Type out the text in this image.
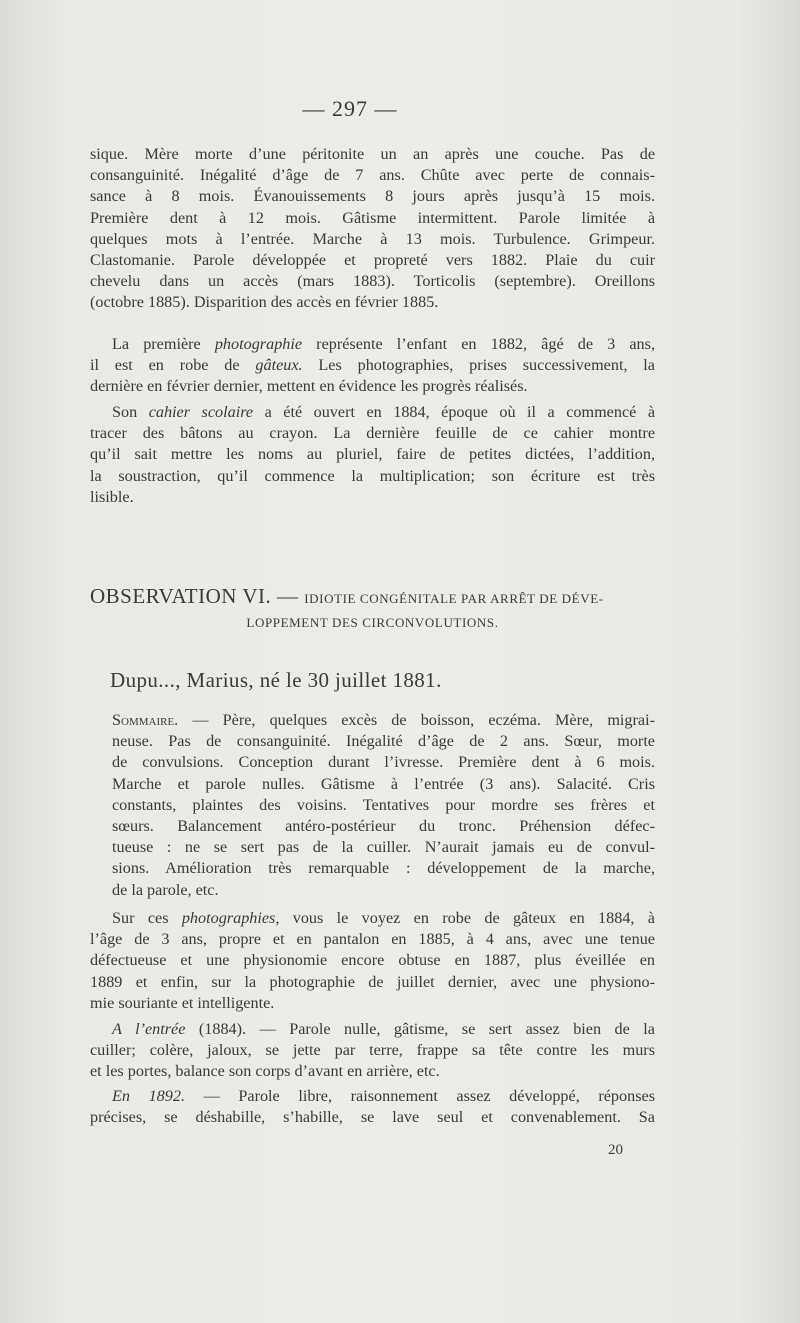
— 297 —
sique. Mère morte d’une péritonite un an après une couche. Pas de
consanguinité. Inégalité d’âge de 7 ans. Chûte avec perte de connais-
sance à 8 mois. Évanouissements 8 jours après jusqu’à 15 mois.
Première dent à 12 mois. Gâtisme intermittent. Parole limitée à
quelques mots à l’entrée. Marche à 13 mois. Turbulence. Grimpeur.
Clastomanie. Parole développée et propreté vers 1882. Plaie du cuir
chevelu dans un accès (mars 1883). Torticolis (septembre). Oreillons
(octobre 1885). Disparition des accès en février 1885.
La première photographie représente l’enfant en 1882, âgé de 3 ans,
il est en robe de gâteux. Les photographies, prises successivement, la
dernière en février dernier, mettent en évidence les progrès réalisés.
Son cahier scolaire a été ouvert en 1884, époque où il a commencé à
tracer des bâtons au crayon. La dernière feuille de ce cahier montre
qu’il sait mettre les noms au pluriel, faire de petites dictées, l’addition,
la soustraction, qu’il commence la multiplication; son écriture est très
lisible.
OBSERVATION VI. — IDIOTIE CONGÉNITALE PAR ARRÊT DE DÉVE-
LOPPEMENT DES CIRCONVOLUTIONS.
Dupu..., Marius, né le 30 juillet 1881.
Sommaire. — Père, quelques excès de boisson, eczéma. Mère, migrai-
neuse. Pas de consanguinité. Inégalité d’âge de 2 ans. Sœur, morte
de convulsions. Conception durant l’ivresse. Première dent à 6 mois.
Marche et parole nulles. Gâtisme à l’entrée (3 ans). Salacité. Cris
constants, plaintes des voisins. Tentatives pour mordre ses frères et
sœurs. Balancement antéro-postérieur du tronc. Préhension défec-
tueuse : ne se sert pas de la cuiller. N’aurait jamais eu de convul-
sions. Amélioration très remarquable : développement de la marche,
de la parole, etc.
Sur ces photographies, vous le voyez en robe de gâteux en 1884, à
l’âge de 3 ans, propre et en pantalon en 1885, à 4 ans, avec une tenue
défectueuse et une physionomie encore obtuse en 1887, plus éveillée en
1889 et enfin, sur la photographie de juillet dernier, avec une physiono-
mie souriante et intelligente.
A l’entrée (1884). — Parole nulle, gâtisme, se sert assez bien de la
cuiller; colère, jaloux, se jette par terre, frappe sa tête contre les murs
et les portes, balance son corps d’avant en arrière, etc.
En 1892. — Parole libre, raisonnement assez développé, réponses
précises, se déshabille, s’habille, se lave seul et convenablement. Sa
20
